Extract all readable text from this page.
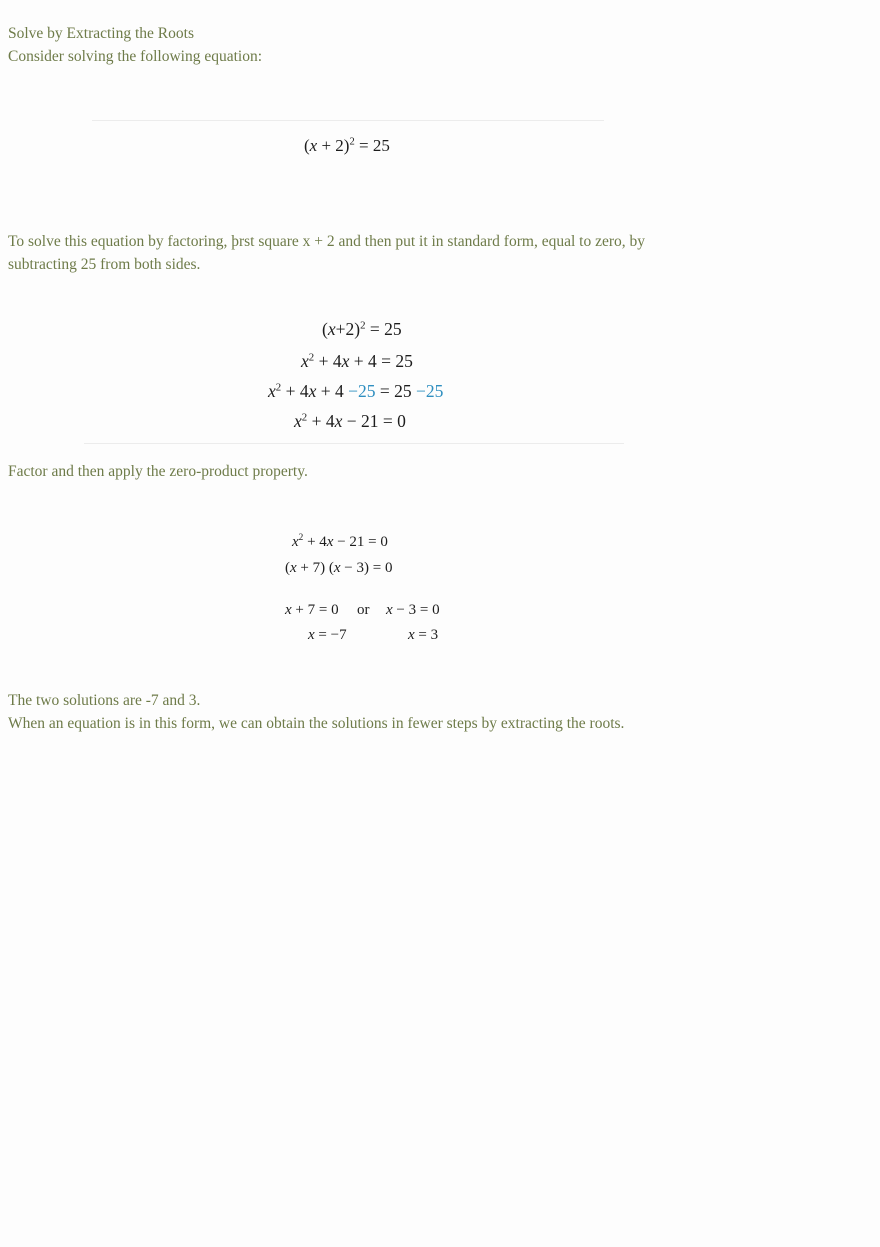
Solve by Extracting the Roots

Consider solving the following equation:

$(x + 2)^2 = 25$

To solve this equation by factoring, þrst square x + 2 and then put it in standard form, equal to zero, by subtracting 25 from both sides.

$(x+2)^2 = 25$
$x^2 + 4x + 4 = 25$
$x^2 + 4x + 4 -25 = 25 -25$
$x^2 + 4x - 21 = 0$

Factor and then apply the zero-product property.

$x^2 + 4x - 21 = 0$
(x + 7) (x − 3) = 0
x + 7 = 0 or x − 3 = 0
x = −7	x = 3

The two solutions are -7 and 3.

When an equation is in this form, we can obtain the solutions in fewer steps by extracting the roots.
